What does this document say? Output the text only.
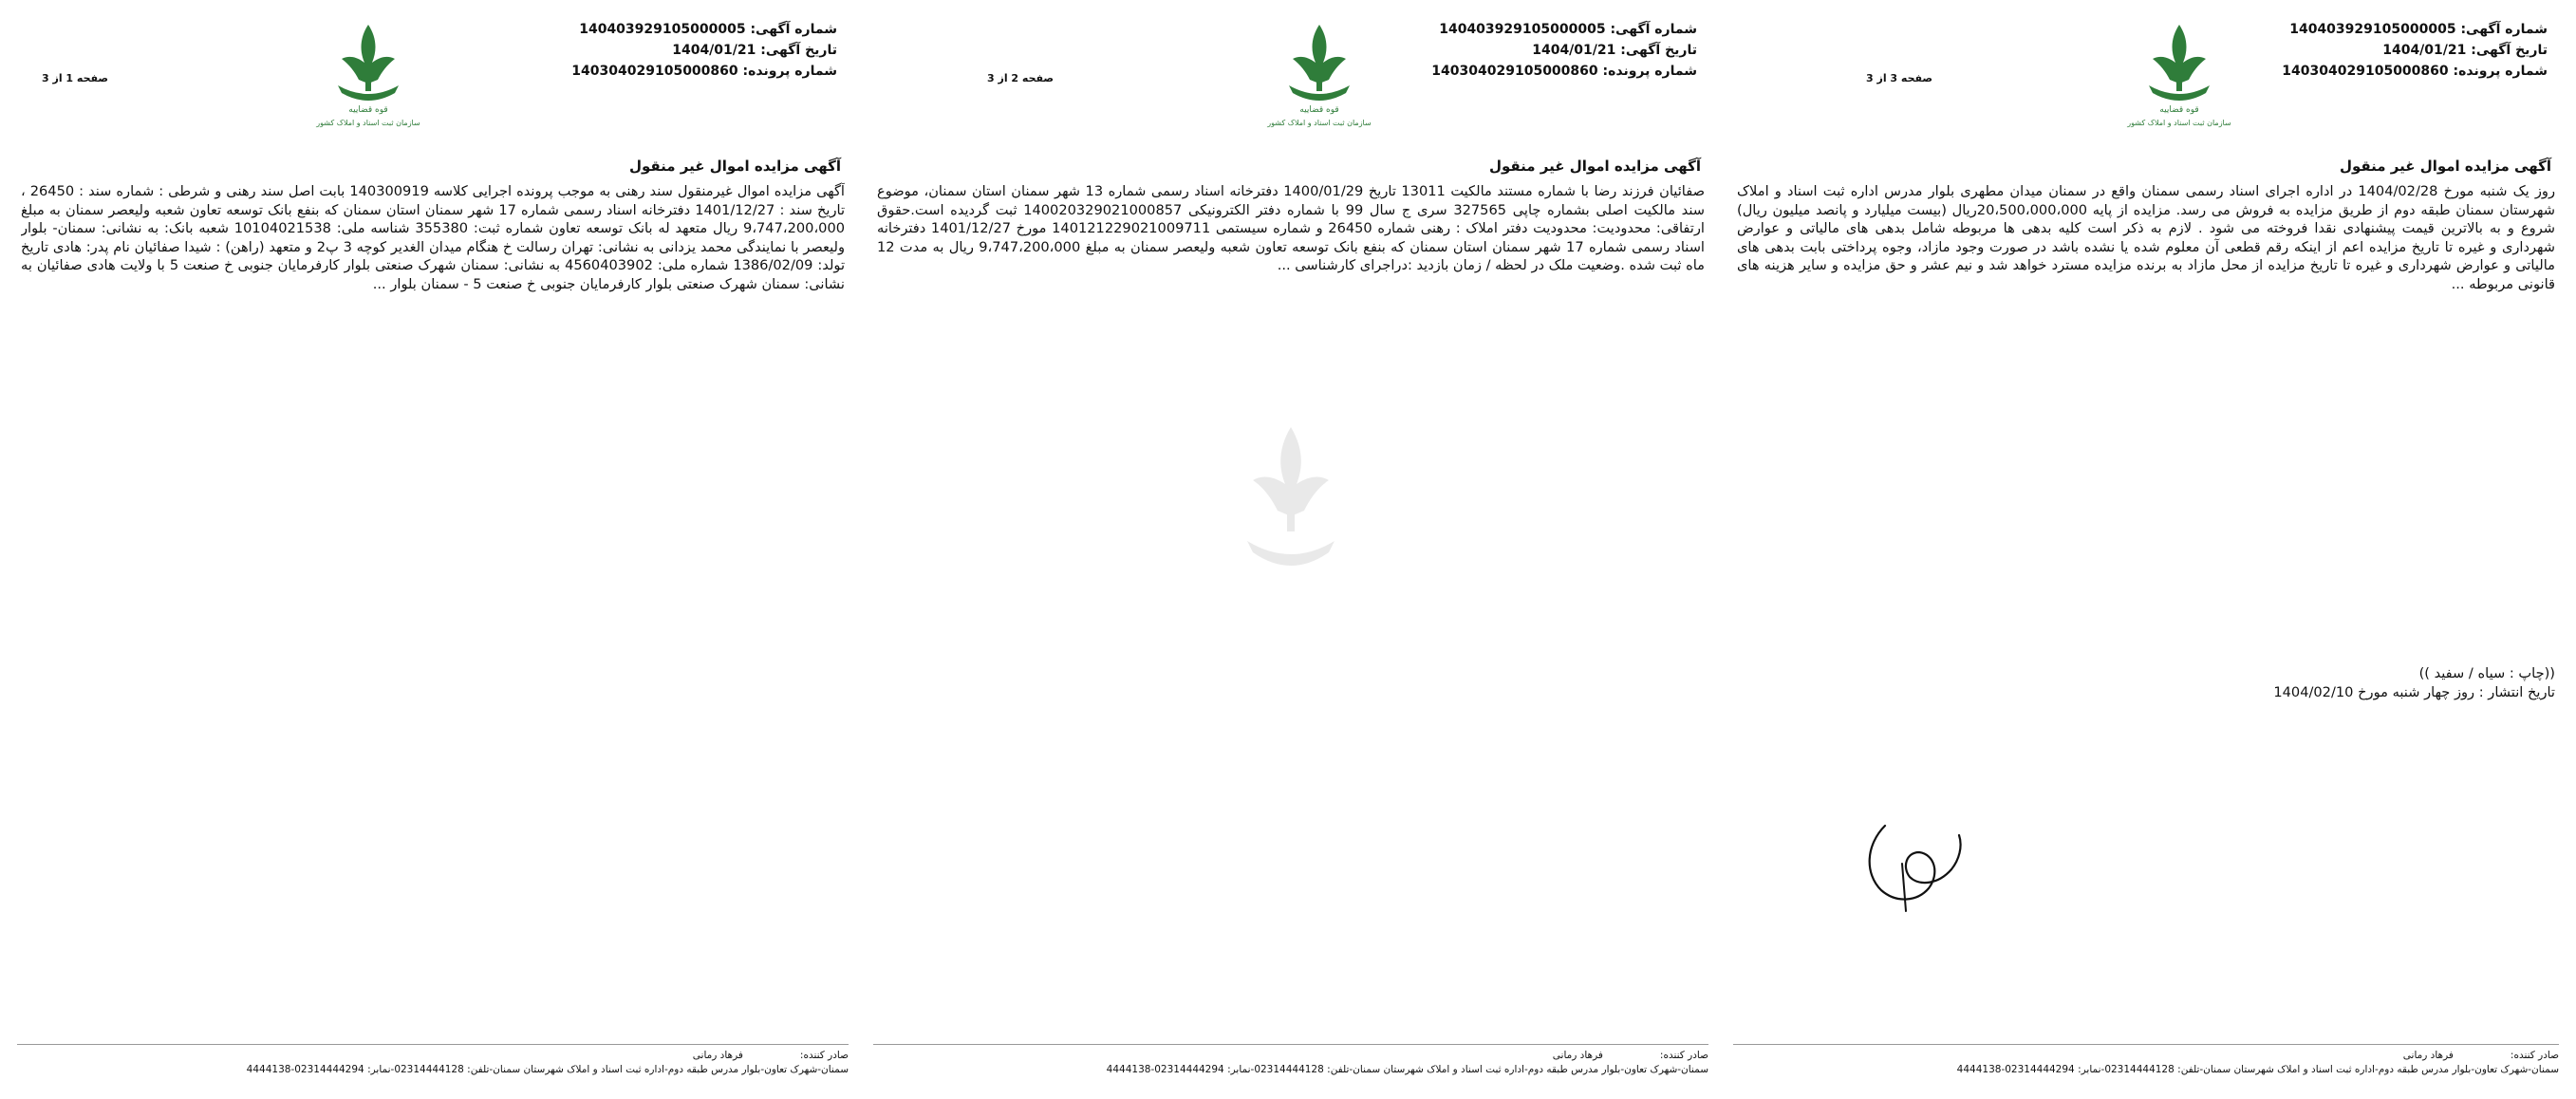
شماره آگهی: 140403929105000005
تاریخ آگهی: 1404/01/21
شماره پرونده: 140304029105000860
قوه قضاییه
سازمان ثبت اسناد و املاک کشور
صفحه 1 از 3
آگهی مزایده اموال غیر منقول

آگهی مزایده اموال غیرمنقول سند رهنی به موجب پرونده اجرایی کلاسه 140300919 بابت اصل سند رهنی و شرطی : شماره سند : 26450 ، تاریخ سند : 1401/12/27 دفترخانه اسناد رسمی شماره 17 شهر سمنان استان سمنان که بنفع بانک توسعه تعاون شعبه ولیعصر سمنان به مبلغ 9،747،200،000 ریال متعهد له بانک توسعه تعاون شماره ثبت: 355380 شناسه ملی: 10104021538 شعبه بانک: به نشانی: سمنان- بلوار ولیعصر با نمایندگی محمد یزدانی به نشانی: تهران رسالت خ هنگام میدان الغدیر کوچه 3 پ2 و متعهد (راهن) : شیدا صفائیان نام پدر: هادی تاریخ تولد: 1386/02/09 شماره ملی: 4560403902 به نشانی: سمنان شهرک صنعتی بلوار کارفرمایان جنوبی خ صنعت 5 با ولایت هادی صفائیان به نشانی: سمنان شهرک صنعتی بلوار کارفرمایان جنوبی خ صنعت 5 - سمنان بلوار ...

صادر کننده:فرهاد رمانی
سمنان-شهرک تعاون-بلوار مدرس طبقه دوم-اداره ثبت اسناد و املاک شهرستان سمنان-تلفن: 02314444128-نمابر: 02314444294-4444138
شماره آگهی: 140403929105000005
تاریخ آگهی: 1404/01/21
شماره پرونده: 140304029105000860
قوه قضاییه
سازمان ثبت اسناد و املاک کشور
صفحه 2 از 3
آگهی مزایده اموال غیر منقول

صفائیان فرزند رضا با شماره مستند مالکیت 13011 تاریخ 1400/01/29 دفترخانه اسناد رسمی شماره 13 شهر سمنان استان سمنان، موضوع سند مالکیت اصلی بشماره چاپی 327565 سری ج سال 99 با شماره دفتر الکترونیکی 140020329021000857 ثبت گردیده است.حقوق ارتفاقی: محدودیت: محدودیت دفتر املاک : رهنی شماره 26450 و شماره سیستمی 140121229021009711 مورخ 1401/12/27 دفترخانه اسناد رسمی شماره 17 شهر سمنان استان سمنان که بنفع بانک توسعه تعاون شعبه ولیعصر سمنان به مبلغ 9،747،200،000 ریال به مدت 12 ماه ثبت شده .وضعیت ملک در لحظه / زمان بازدید :دراجرای کارشناسی ...

صادر کننده:فرهاد رمانی
سمنان-شهرک تعاون-بلوار مدرس طبقه دوم-اداره ثبت اسناد و املاک شهرستان سمنان-تلفن: 02314444128-نمابر: 02314444294-4444138
شماره آگهی: 140403929105000005
تاریخ آگهی: 1404/01/21
شماره پرونده: 140304029105000860
قوه قضاییه
سازمان ثبت اسناد و املاک کشور
صفحه 3 از 3
آگهی مزایده اموال غیر منقول

روز یک شنبه مورخ 1404/02/28 در اداره اجرای اسناد رسمی سمنان واقع در سمنان میدان مطهری بلوار مدرس اداره ثبت اسناد و املاک شهرستان سمنان طبقه دوم از طریق مزایده به فروش می رسد. مزایده از پایه 20،500،000،000ریال (بیست میلیارد و پانصد میلیون ریال) شروع و به بالاترین قیمت پیشنهادی نقدا فروخته می شود . لازم به ذکر است کلیه بدهی ها مربوطه شامل بدهی های مالیاتی و عوارض شهرداری و غیره تا تاریخ مزایده اعم از اینکه رقم قطعی آن معلوم شده یا نشده باشد در صورت وجود مازاد، وجوه پرداختی بابت بدهی های مالیاتی و عوارض شهرداری و غیره تا تاریخ مزایده از محل مازاد به برنده مزایده مسترد خواهد شد و نیم عشر و حق مزایده و سایر هزینه های قانونی مربوطه ...

((چاپ : سیاه / سفید ))
تاریخ انتشار : روز چهار شنبه مورخ 1404/02/10
صادر کننده:فرهاد رمانی
سمنان-شهرک تعاون-بلوار مدرس طبقه دوم-اداره ثبت اسناد و املاک شهرستان سمنان-تلفن: 02314444128-نمابر: 02314444294-4444138
